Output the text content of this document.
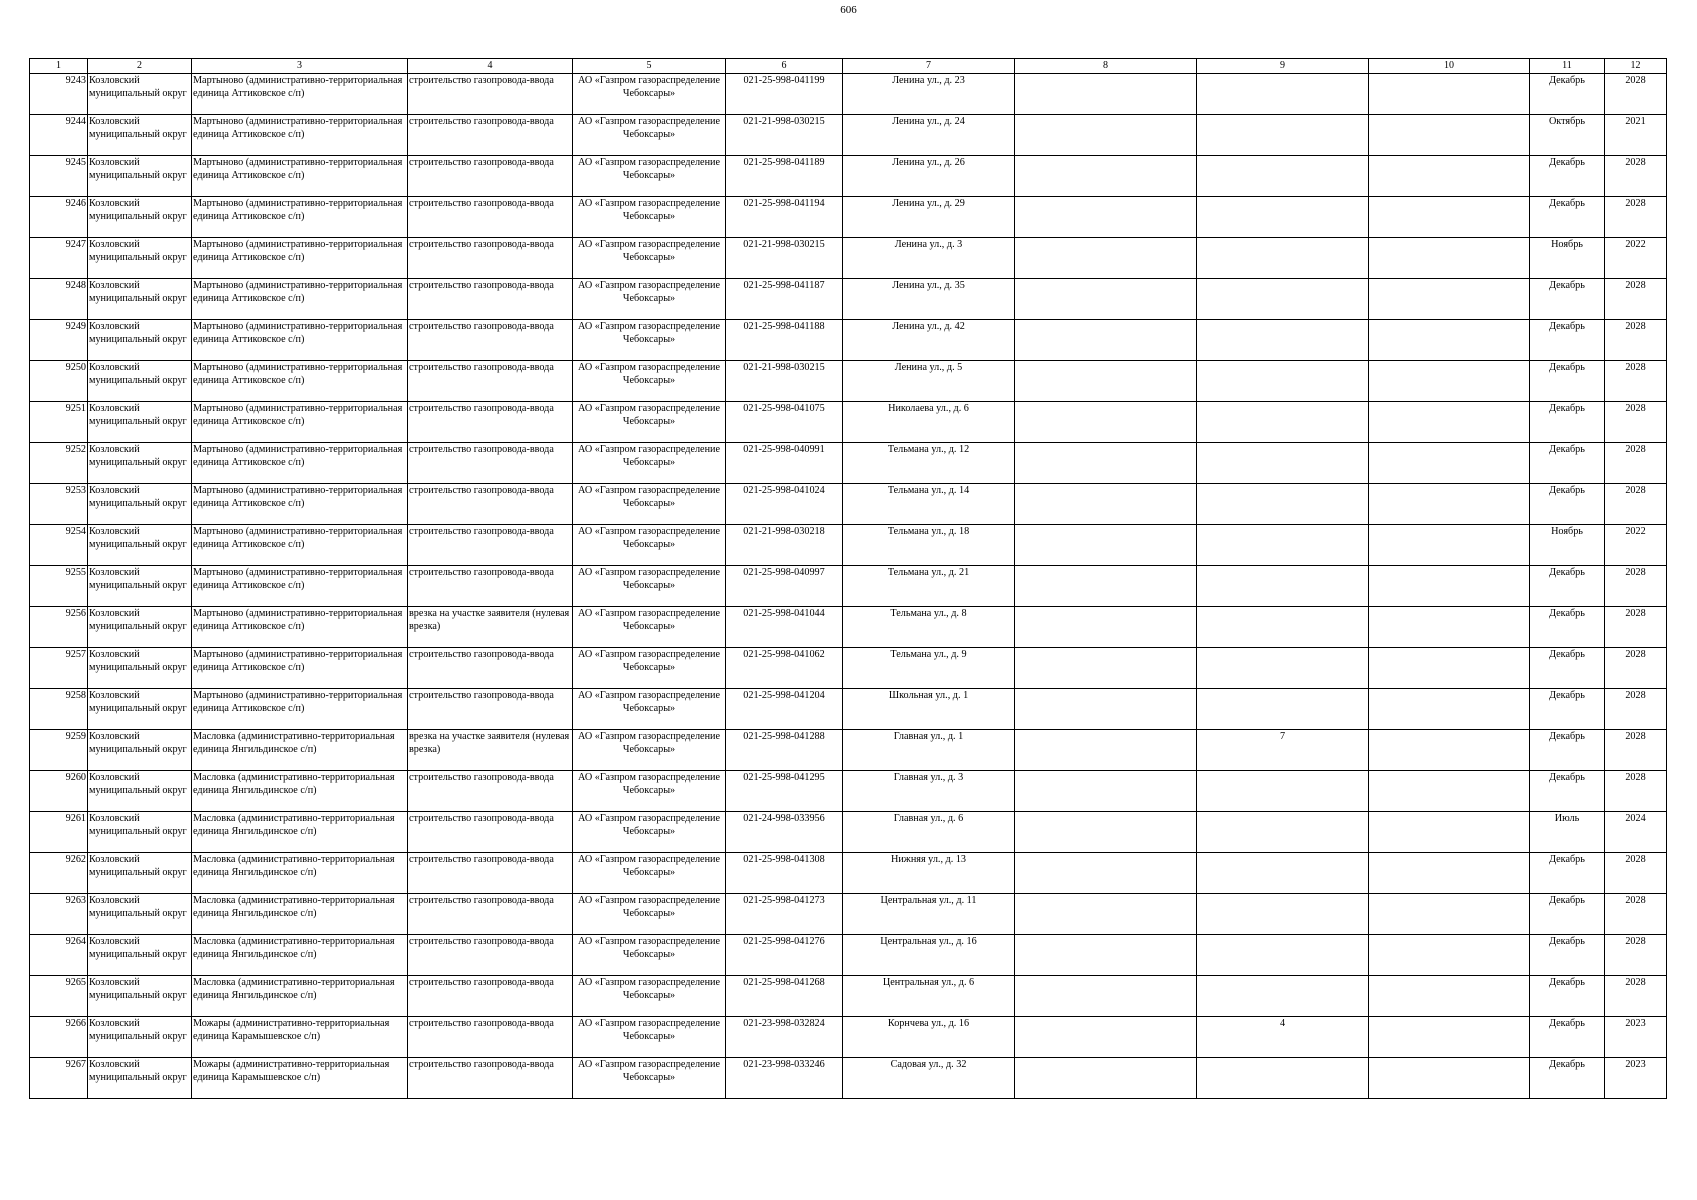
606
1	2	3	4	5	6	7	8	9	10	11	12

9243	Козловский муниципальный округ	Мартыново (административно-территориальная единица Аттиковское с/п)	строительство газопровода-ввода	АО «Газпром газораспределение Чебоксары»	021-25-998-041199	Ленина ул., д. 23				Декабрь	2028

9244	Козловский муниципальный округ	Мартыново (административно-территориальная единица Аттиковское с/п)	строительство газопровода-ввода	АО «Газпром газораспределение Чебоксары»	021-21-998-030215	Ленина ул., д. 24				Октябрь	2021

9245	Козловский муниципальный округ	Мартыново (административно-территориальная единица Аттиковское с/п)	строительство газопровода-ввода	АО «Газпром газораспределение Чебоксары»	021-25-998-041189	Ленина ул., д. 26				Декабрь	2028

9246	Козловский муниципальный округ	Мартыново (административно-территориальная единица Аттиковское с/п)	строительство газопровода-ввода	АО «Газпром газораспределение Чебоксары»	021-25-998-041194	Ленина ул., д. 29				Декабрь	2028

9247	Козловский муниципальный округ	Мартыново (административно-территориальная единица Аттиковское с/п)	строительство газопровода-ввода	АО «Газпром газораспределение Чебоксары»	021-21-998-030215	Ленина ул., д. 3				Ноябрь	2022

9248	Козловский муниципальный округ	Мартыново (административно-территориальная единица Аттиковское с/п)	строительство газопровода-ввода	АО «Газпром газораспределение Чебоксары»	021-25-998-041187	Ленина ул., д. 35				Декабрь	2028

9249	Козловский муниципальный округ	Мартыново (административно-территориальная единица Аттиковское с/п)	строительство газопровода-ввода	АО «Газпром газораспределение Чебоксары»	021-25-998-041188	Ленина ул., д. 42				Декабрь	2028

9250	Козловский муниципальный округ	Мартыново (административно-территориальная единица Аттиковское с/п)	строительство газопровода-ввода	АО «Газпром газораспределение Чебоксары»	021-21-998-030215	Ленина ул., д. 5				Декабрь	2028

9251	Козловский муниципальный округ	Мартыново (административно-территориальная единица Аттиковское с/п)	строительство газопровода-ввода	АО «Газпром газораспределение Чебоксары»	021-25-998-041075	Николаева ул., д. 6				Декабрь	2028

9252	Козловский муниципальный округ	Мартыново (административно-территориальная единица Аттиковское с/п)	строительство газопровода-ввода	АО «Газпром газораспределение Чебоксары»	021-25-998-040991	Тельмана ул., д. 12				Декабрь	2028

9253	Козловский муниципальный округ	Мартыново (административно-территориальная единица Аттиковское с/п)	строительство газопровода-ввода	АО «Газпром газораспределение Чебоксары»	021-25-998-041024	Тельмана ул., д. 14				Декабрь	2028

9254	Козловский муниципальный округ	Мартыново (административно-территориальная единица Аттиковское с/п)	строительство газопровода-ввода	АО «Газпром газораспределение Чебоксары»	021-21-998-030218	Тельмана ул., д. 18				Ноябрь	2022

9255	Козловский муниципальный округ	Мартыново (административно-территориальная единица Аттиковское с/п)	строительство газопровода-ввода	АО «Газпром газораспределение Чебоксары»	021-25-998-040997	Тельмана ул., д. 21				Декабрь	2028

9256	Козловский муниципальный округ	Мартыново (административно-территориальная единица Аттиковское с/п)	врезка на участке заявителя (нулевая врезка)	АО «Газпром газораспределение Чебоксары»	021-25-998-041044	Тельмана ул., д. 8				Декабрь	2028

9257	Козловский муниципальный округ	Мартыново (административно-территориальная единица Аттиковское с/п)	строительство газопровода-ввода	АО «Газпром газораспределение Чебоксары»	021-25-998-041062	Тельмана ул., д. 9				Декабрь	2028

9258	Козловский муниципальный округ	Мартыново (административно-территориальная единица Аттиковское с/п)	строительство газопровода-ввода	АО «Газпром газораспределение Чебоксары»	021-25-998-041204	Школьная ул., д. 1				Декабрь	2028

9259	Козловский муниципальный округ	Масловка (административно-территориальная единица Янгильдинское с/п)	врезка на участке заявителя (нулевая врезка)	АО «Газпром газораспределение Чебоксары»	021-25-998-041288	Главная ул., д. 1		7		Декабрь	2028

9260	Козловский муниципальный округ	Масловка (административно-территориальная единица Янгильдинское с/п)	строительство газопровода-ввода	АО «Газпром газораспределение Чебоксары»	021-25-998-041295	Главная ул., д. 3				Декабрь	2028

9261	Козловский муниципальный округ	Масловка (административно-территориальная единица Янгильдинское с/п)	строительство газопровода-ввода	АО «Газпром газораспределение Чебоксары»	021-24-998-033956	Главная ул., д. 6				Июль	2024

9262	Козловский муниципальный округ	Масловка (административно-территориальная единица Янгильдинское с/п)	строительство газопровода-ввода	АО «Газпром газораспределение Чебоксары»	021-25-998-041308	Нижняя ул., д. 13				Декабрь	2028

9263	Козловский муниципальный округ	Масловка (административно-территориальная единица Янгильдинское с/п)	строительство газопровода-ввода	АО «Газпром газораспределение Чебоксары»	021-25-998-041273	Центральная ул., д. 11				Декабрь	2028

9264	Козловский муниципальный округ	Масловка (административно-территориальная единица Янгильдинское с/п)	строительство газопровода-ввода	АО «Газпром газораспределение Чебоксары»	021-25-998-041276	Центральная ул., д. 16				Декабрь	2028

9265	Козловский муниципальный округ	Масловка (административно-территориальная единица Янгильдинское с/п)	строительство газопровода-ввода	АО «Газпром газораспределение Чебоксары»	021-25-998-041268	Центральная ул., д. 6				Декабрь	2028

9266	Козловский муниципальный округ	Можары (административно-территориальная единица Карамышевское с/п)	строительство газопровода-ввода	АО «Газпром газораспределение Чебоксары»	021-23-998-032824	Корнчева ул., д. 16		4		Декабрь	2023

9267	Козловский муниципальный округ	Можары (административно-территориальная единица Карамышевское с/п)	строительство газопровода-ввода	АО «Газпром газораспределение Чебоксары»	021-23-998-033246	Садовая ул., д. 32				Декабрь	2023
